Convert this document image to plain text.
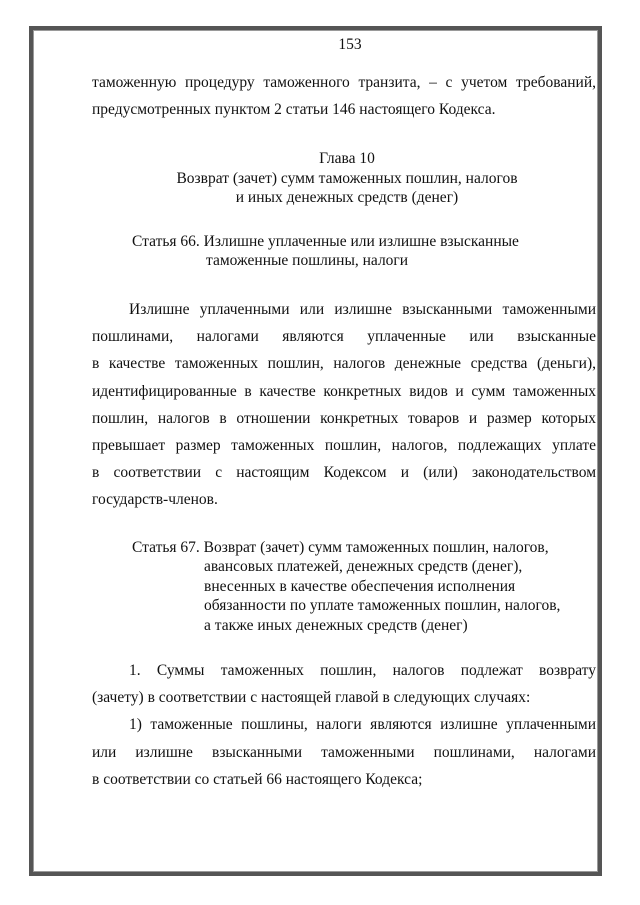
153

таможенную процедуру таможенного транзита, – с учетом требований,
предусмотренных пунктом 2 статьи 146 настоящего Кодекса.

Глава 10

Возврат (зачет) сумм таможенных пошлин, налогов

и иных денежных средств (денег)

Статья 66. Излишне уплаченные или излишне взысканные
таможенные пошлины, налоги
Излишне уплаченными или излишне взысканными таможенными
пошлинами, налогами являются уплаченные или взысканные
в качестве таможенных пошлин, налогов денежные средства (деньги),
идентифицированные в качестве конкретных видов и сумм таможенных
пошлин, налогов в отношении конкретных товаров и размер которых
превышает размер таможенных пошлин, налогов, подлежащих уплате
в соответствии с настоящим Кодексом и (или) законодательством
государств-членов.
Статья 67. Возврат (зачет) сумм таможенных пошлин, налогов,
авансовых платежей, денежных средств (денег),
внесенных в качестве обеспечения исполнения
обязанности по уплате таможенных пошлин, налогов,
а также иных денежных средств (денег)
1. Суммы таможенных пошлин, налогов подлежат возврату
(зачету) в соответствии с настоящей главой в следующих случаях:
1) таможенные пошлины, налоги являются излишне уплаченными
или излишне взысканными таможенными пошлинами, налогами
в соответствии со статьей 66 настоящего Кодекса;
